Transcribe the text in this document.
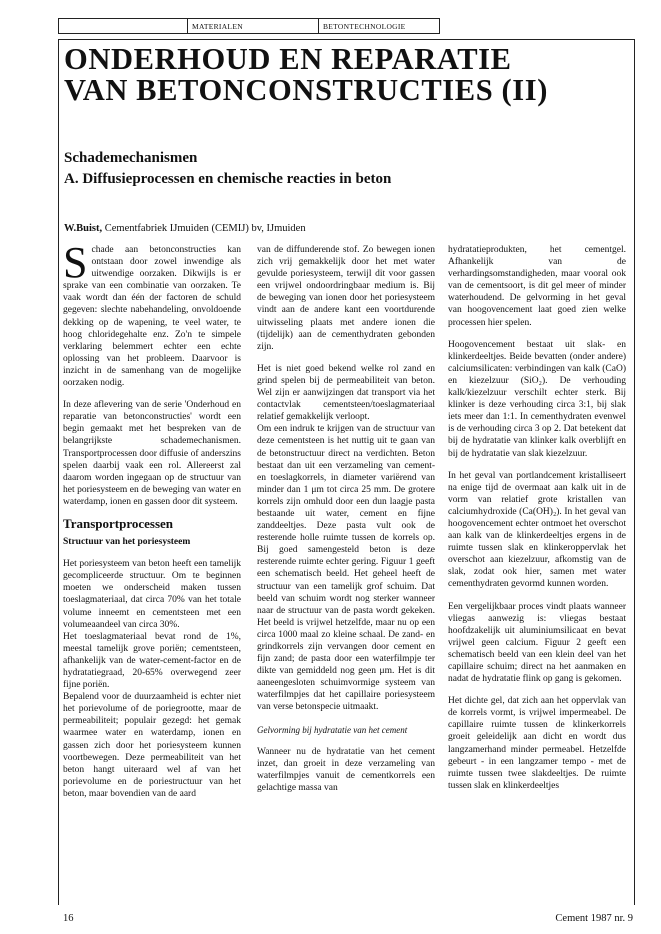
MATERIALEN	BETONTECHNOLOGIE
ONDERHOUD EN REPARATIE
VAN BETONCONSTRUCTIES (II)
Schademechanismen
A. Diffusieprocessen en chemische reacties in beton
W.Buist, Cementfabriek IJmuiden (CEMIJ) bv, IJmuiden

Schade aan betonconstructies kan ontstaan door zowel inwendige als uitwendige oorzaken. Dikwijls is er sprake van een combinatie van oorzaken. Te vaak wordt dan één der factoren de schuld gegeven: slechte nabehandeling, onvoldoende dekking op de wapening, te veel water, te hoog chloridegehalte enz. Zo'n te simpele verklaring belemmert echter een echte oplossing van het probleem. Daarvoor is inzicht in de samenhang van de mogelijke oorzaken nodig.

In deze aflevering van de serie 'Onderhoud en reparatie van betonconstructies' wordt een begin gemaakt met het bespreken van de belangrijkste schademechanismen. Transportprocessen door diffusie of anderszins spelen daarbij vaak een rol. Allereerst zal daarom worden ingegaan op de structuur van het poriesysteem en de beweging van water en waterdamp, ionen en gassen door dit systeem.

Transportprocessen

Structuur van het poriesysteem

Het poriesysteem van beton heeft een tamelijk gecompliceerde structuur. Om te beginnen moeten we onderscheid maken tussen toeslagmateriaal, dat circa 70% van het totale volume inneemt en cementsteen met een volumeaandeel van circa 30%.

Het toeslagmateriaal bevat rond de 1%, meestal tamelijk grove poriën; cementsteen, afhankelijk van de water-cement-factor en de hydratatiegraad, 20-65% overwegend zeer fijne poriën.

Bepalend voor de duurzaamheid is echter niet het porievolume of de poriegrootte, maar de permeabiliteit; populair gezegd: het gemak waarmee water en waterdamp, ionen en gassen zich door het poriesysteem kunnen voortbewegen. Deze permeabiliteit van het beton hangt uiteraard wel af van het porievolume en de poriestructuur van het beton, maar bovendien van de aard

van de diffunderende stof. Zo bewegen ionen zich vrij gemakkelijk door het met water gevulde poriesysteem, terwijl dit voor gassen een vrijwel ondoordringbaar medium is. Bij de beweging van ionen door het poriesysteem vindt aan de andere kant een voortdurende uitwisseling plaats met andere ionen die (tijdelijk) aan de cementhydraten gebonden zijn.

Het is niet goed bekend welke rol zand en grind spelen bij de permeabiliteit van beton. Wel zijn er aanwijzingen dat transport via het contactvlak cementsteen/toeslagmateriaal relatief gemakkelijk verloopt.

Om een indruk te krijgen van de structuur van deze cementsteen is het nuttig uit te gaan van de betonstructuur direct na verdichten. Beton bestaat dan uit een verzameling van cement- en toeslagkorrels, in diameter variërend van minder dan 1 μm tot circa 25 mm. De grotere korrels zijn omhuld door een dun laagje pasta bestaande uit water, cement en fijne zanddeeltjes. Deze pasta vult ook de resterende holle ruimte tussen de korrels op. Bij goed samengesteld beton is deze resterende ruimte echter gering. Figuur 1 geeft een schematisch beeld. Het geheel heeft de structuur van een tamelijk grof schuim. Dat beeld van schuim wordt nog sterker wanneer naar de structuur van de pasta wordt gekeken. Het beeld is vrijwel hetzelfde, maar nu op een circa 1000 maal zo kleine schaal. De zand- en grindkorrels zijn vervangen door cement en fijn zand; de pasta door een waterfilmpje ter dikte van gemiddeld nog geen μm. Het is dit aaneengesloten schuimvormige systeem van waterfilmpjes dat het capillaire poriesysteem van verse betonspecie uitmaakt.

Gelvorming bij hydratatie van het cement

Wanneer nu de hydratatie van het cement inzet, dan groeit in deze verzameling van waterfilmpjes vanuit de cementkorrels een gelachtige massa van

hydratatieprodukten, het cementgel. Afhankelijk van de verhardingsomstandigheden, maar vooral ook van de cementsoort, is dit gel meer of minder waterhoudend. De gelvorming in het geval van hoogovencement laat goed zien welke processen hier spelen.

Hoogovencement bestaat uit slak- en klinkerdeeltjes. Beide bevatten (onder andere) calciumsilicaten: verbindingen van kalk (CaO) en kiezelzuur (SiO₂). De verhouding kalk/kiezelzuur verschilt echter sterk. Bij klinker is deze verhouding circa 3:1, bij slak iets meer dan 1:1. In cementhydraten evenwel is de verhouding circa 3 op 2. Dat betekent dat bij de hydratatie van klinker kalk overblijft en bij de hydratatie van slak kiezelzuur.

In het geval van portlandcement kristalliseert na enige tijd de overmaat aan kalk uit in de vorm van relatief grote kristallen van calciumhydroxide (Ca(OH)₂). In het geval van hoogovencement echter ontmoet het overschot aan kalk van de klinkerdeeltjes ergens in de ruimte tussen slak en klinkeroppervlak het overschot aan kiezelzuur, afkomstig van de slak, zodat ook hier, samen met water cementhydraten gevormd kunnen worden.

Een vergelijkbaar proces vindt plaats wanneer vliegas aanwezig is: vliegas bestaat hoofdzakelijk uit aluminiumsilicaat en bevat vrijwel geen calcium. Figuur 2 geeft een schematisch beeld van een klein deel van het capillaire schuim; direct na het aanmaken en nadat de hydratatie flink op gang is gekomen.

Het dichte gel, dat zich aan het oppervlak van de korrels vormt, is vrijwel impermeabel. De capillaire ruimte tussen de klinkerkorrels groeit geleidelijk aan dicht en wordt dus langzamerhand minder permeabel. Hetzelfde gebeurt - in een langzamer tempo - met de ruimte tussen twee slakdeeltjes. De ruimte tussen slak en klinkerdeeltjes

16	Cement 1987 nr. 9
